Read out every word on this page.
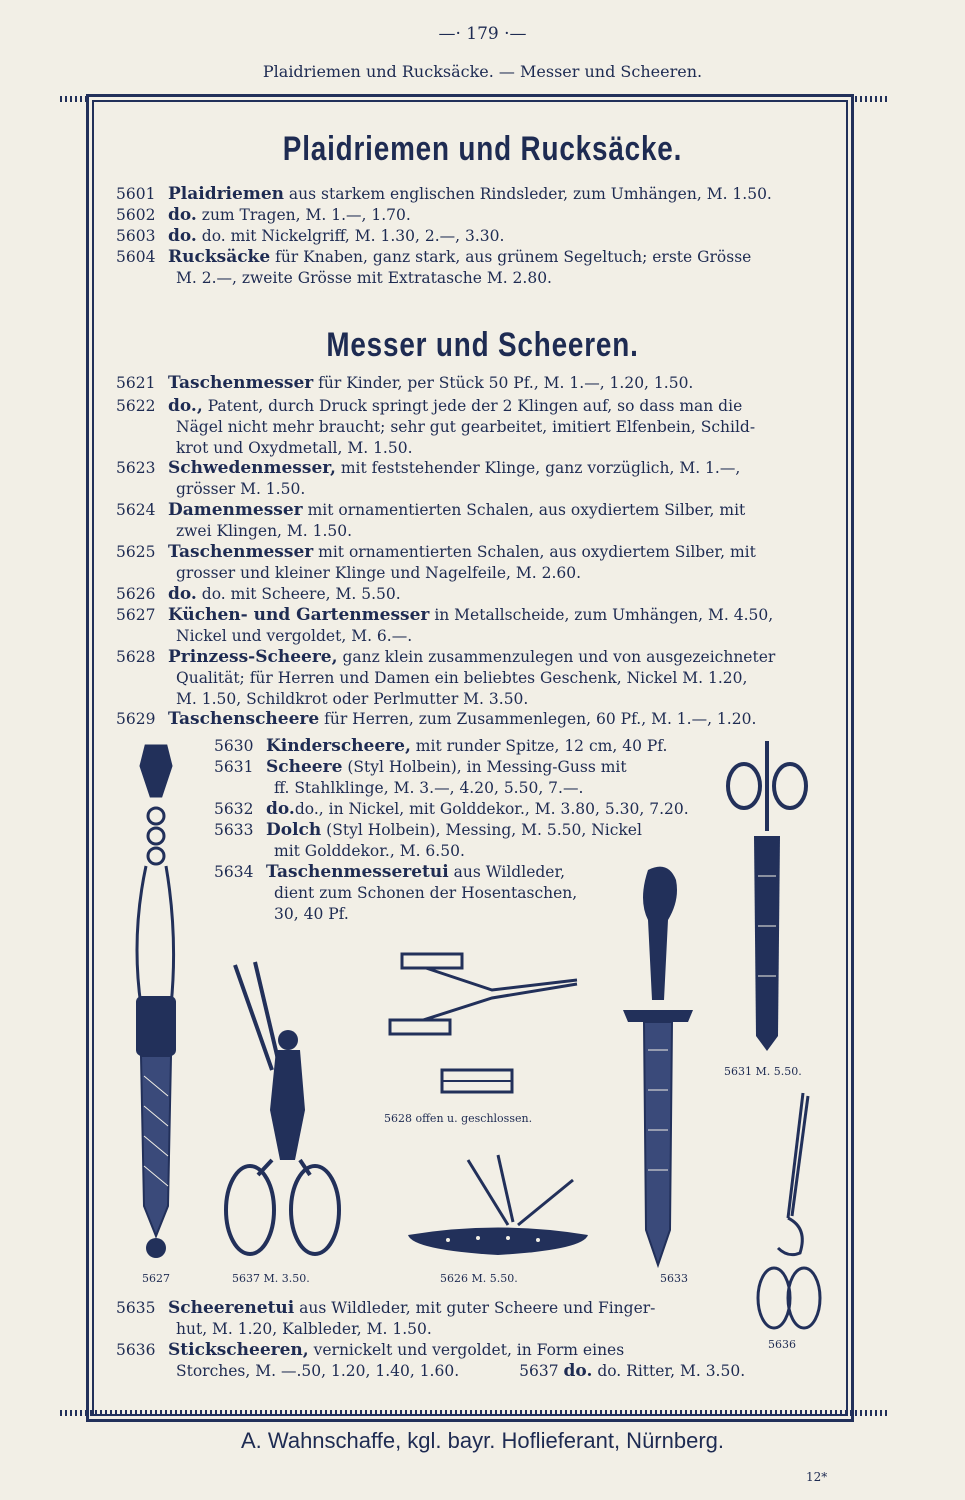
—· 179 ·—
Plaidriemen und Rucksäcke. — Messer und Scheeren.
Plaidriemen und Rucksäcke.
5601 Plaidriemen aus starkem englischen Rindsleder, zum Umhängen, M. 1.50.
5602 do. zum Tragen, M. 1.—, 1.70.
5603 do. do. mit Nickelgriff, M. 1.30, 2.—, 3.30.
5604 Rucksäcke für Knaben, ganz stark, aus grünem Segeltuch; erste Grösse
M. 2.—, zweite Grösse mit Extratasche M. 2.80.
Messer und Scheeren.
5621 Taschenmesser für Kinder, per Stück 50 Pf., M. 1.—, 1.20, 1.50.
5622 do., Patent, durch Druck springt jede der 2 Klingen auf, so dass man die
Nägel nicht mehr braucht; sehr gut gearbeitet, imitiert Elfenbein, Schild-
krot und Oxydmetall, M. 1.50.
5623 Schwedenmesser, mit feststehender Klinge, ganz vorzüglich, M. 1.—,
grösser M. 1.50.
5624 Damenmesser mit ornamentierten Schalen, aus oxydiertem Silber, mit
zwei Klingen, M. 1.50.
5625 Taschenmesser mit ornamentierten Schalen, aus oxydiertem Silber, mit
grosser und kleiner Klinge und Nagelfeile, M. 2.60.
5626 do. do. mit Scheere, M. 5.50.
5627 Küchen- und Gartenmesser in Metallscheide, zum Umhängen, M. 4.50,
Nickel und vergoldet, M. 6.—.
5628 Prinzess-Scheere, ganz klein zusammenzulegen und von ausgezeichneter
Qualität; für Herren und Damen ein beliebtes Geschenk, Nickel M. 1.20,
M. 1.50, Schildkrot oder Perlmutter M. 3.50.
5629 Taschenscheere für Herren, zum Zusammenlegen, 60 Pf., M. 1.—, 1.20.
5630 Kinderscheere, mit runder Spitze, 12 cm, 40 Pf.
5631 Scheere (Styl Holbein), in Messing-Guss mit
ff. Stahlklinge, M. 3.—, 4.20, 5.50, 7.—.
5632 do.do., in Nickel, mit Golddekor., M. 3.80, 5.30, 7.20.
5633 Dolch (Styl Holbein), Messing, M. 5.50, Nickel
mit Golddekor., M. 6.50.
5634 Taschenmesseretui aus Wildleder,
dient zum Schonen der Hosentaschen,
30, 40 Pf.
5627	5637 M. 3.50.
5628 offen u. geschlossen.
5626 M. 5.50.	5633
5631 M. 5.50.
5636
5635 Scheerenetui aus Wildleder, mit guter Scheere und Finger-
hut, M. 1.20, Kalbleder, M. 1.50.
5636 Stickscheeren, vernickelt und vergoldet, in Form eines
Storches, M. —.50, 1.20, 1.40, 1.60.	5637 do. do. Ritter, M. 3.50.
A. Wahnschaffe, kgl. bayr. Hoflieferant, Nürnberg.
12*
